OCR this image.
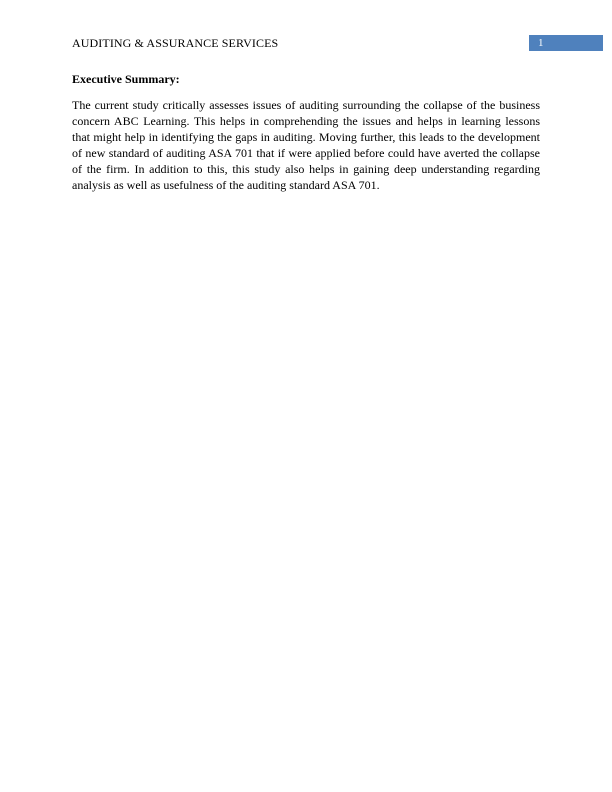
AUDITING & ASSURANCE SERVICES	1
Executive Summary:

The current study critically assesses issues of auditing surrounding the collapse of the business concern ABC Learning. This helps in comprehending the issues and helps in learning lessons that might help in identifying the gaps in auditing. Moving further, this leads to the development of new standard of auditing ASA 701 that if were applied before could have averted the collapse of the firm. In addition to this, this study also helps in gaining deep understanding regarding analysis as well as usefulness of the auditing standard ASA 701.
